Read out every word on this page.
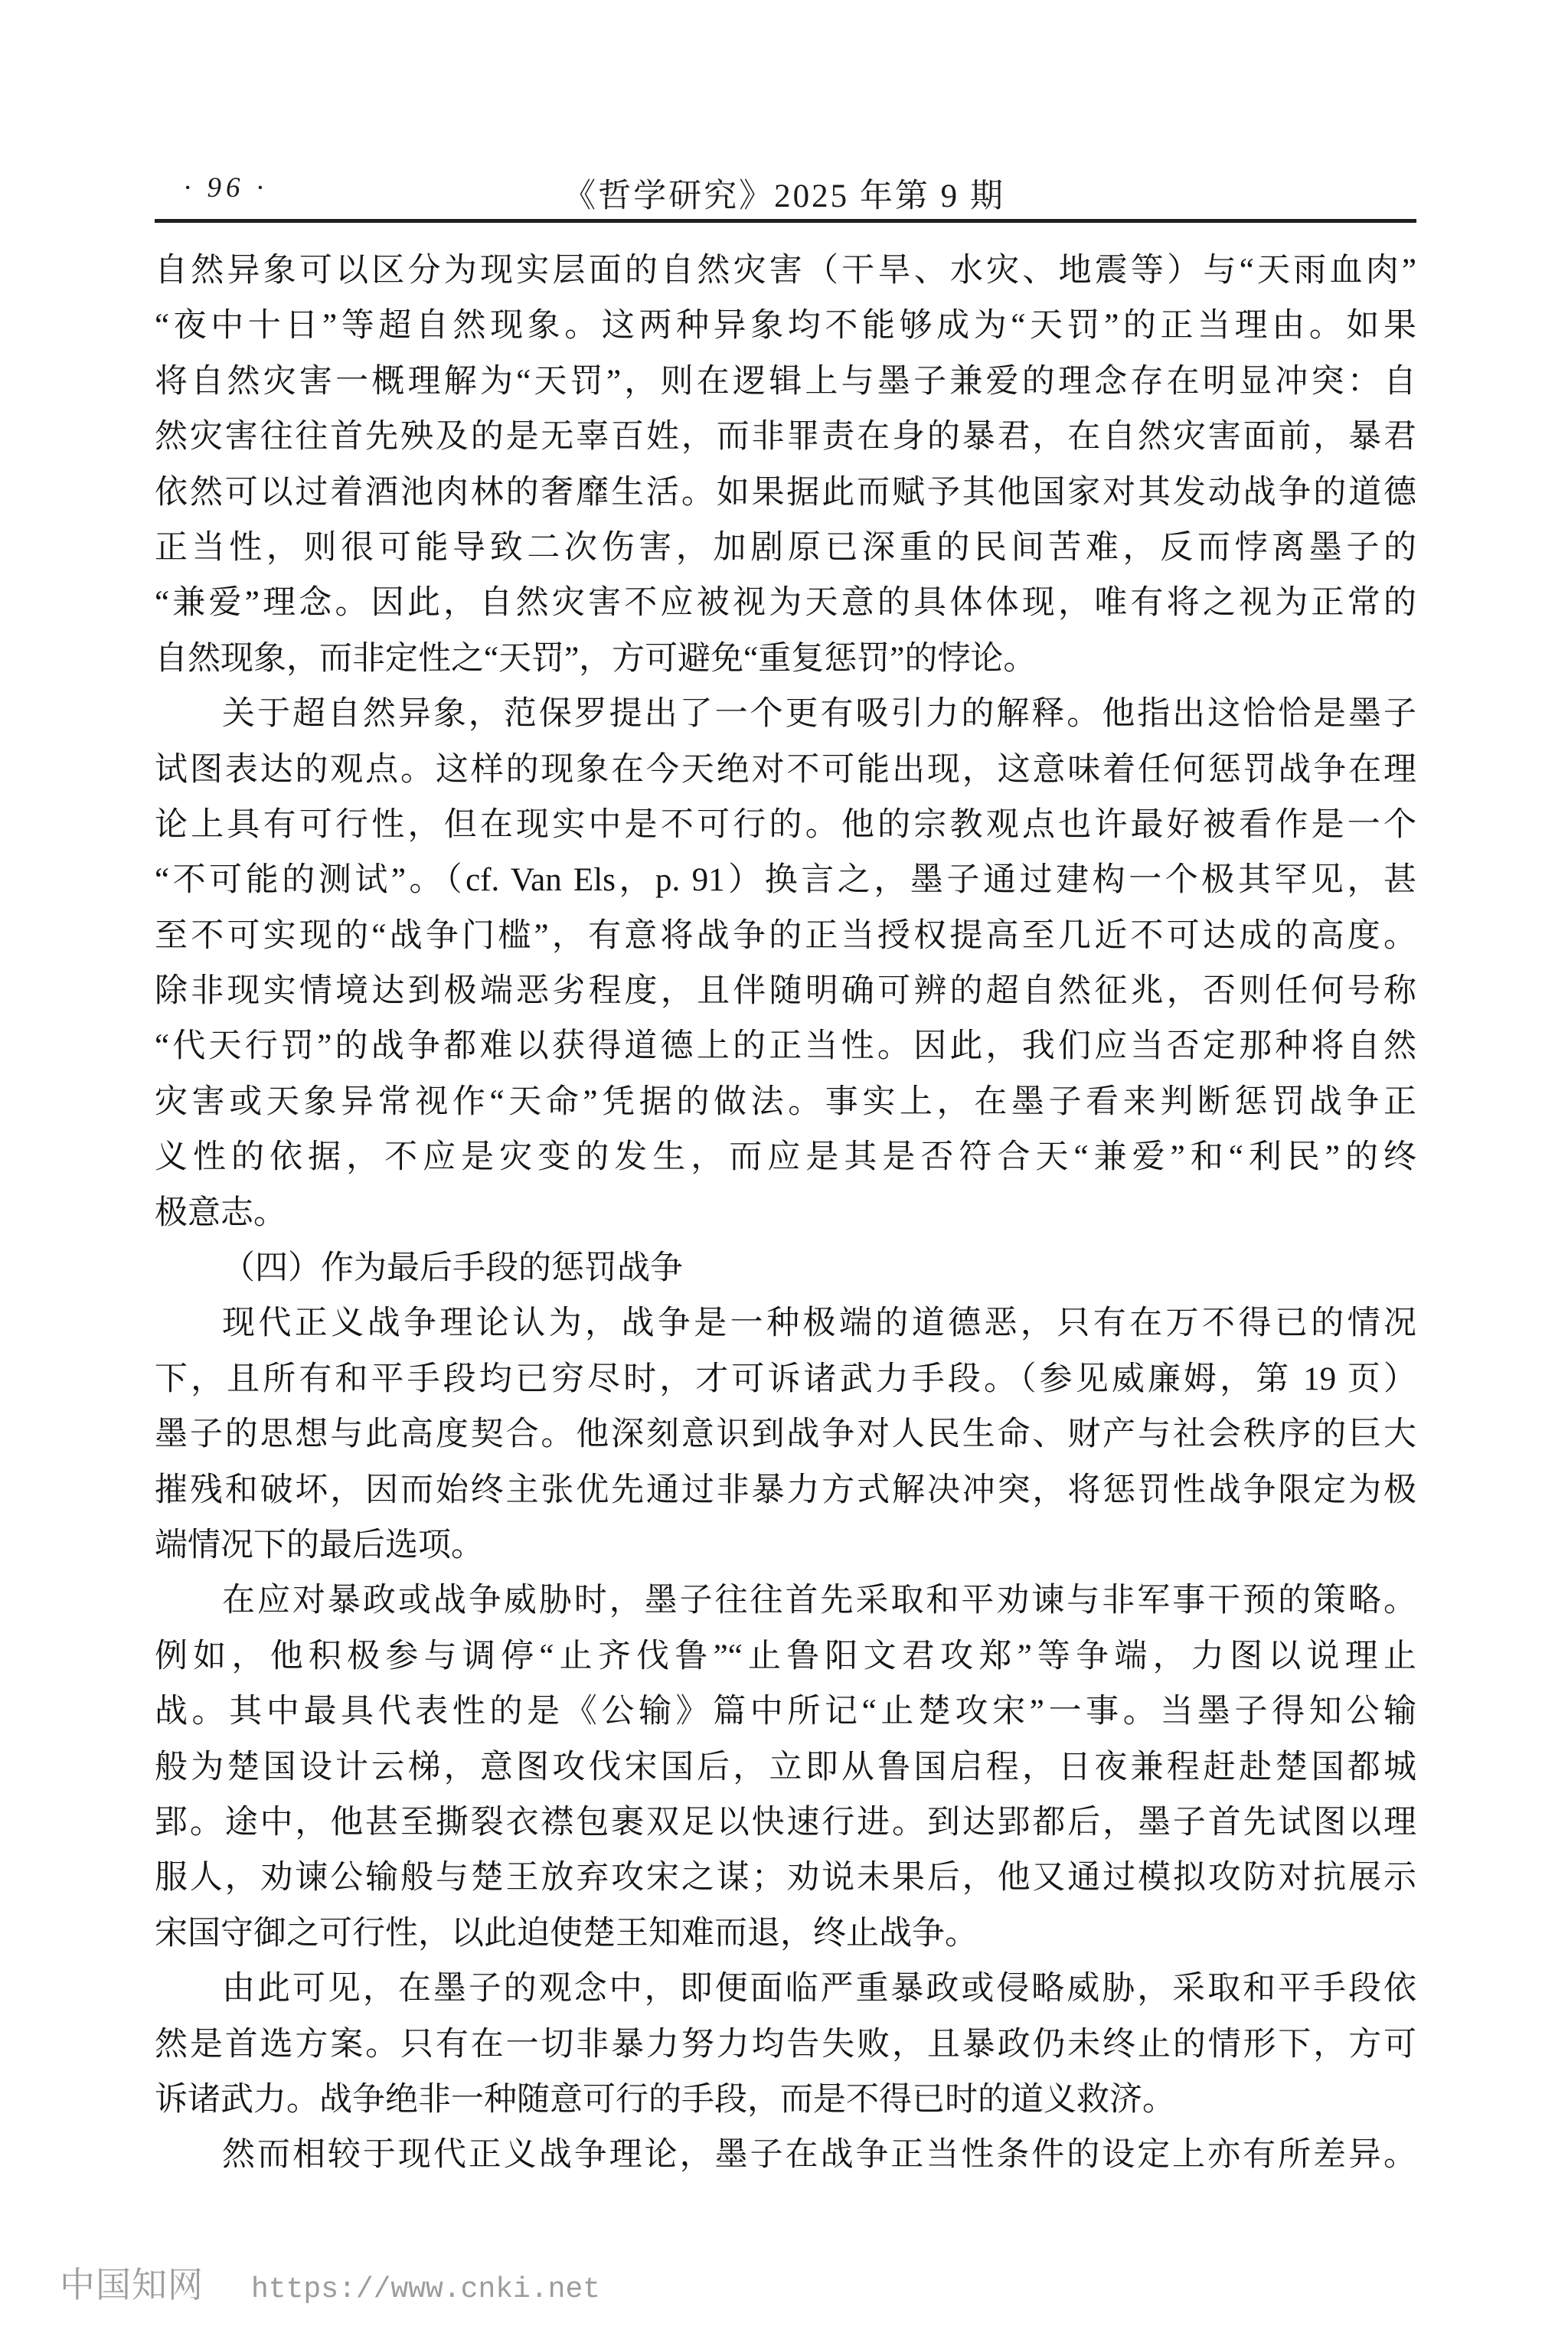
· 96 ·	《哲学研究》2025 年第 9 期
自然异象可以区分为现实层面的自然灾害（干旱、水灾、地震等）与“天雨血肉”
“夜中十日”等超自然现象。这两种异象均不能够成为“天罚”的正当理由。如果
将自然灾害一概理解为“天罚”，则在逻辑上与墨子兼爱的理念存在明显冲突：自
然灾害往往首先殃及的是无辜百姓，而非罪责在身的暴君，在自然灾害面前，暴君
依然可以过着酒池肉林的奢靡生活。如果据此而赋予其他国家对其发动战争的道德
正当性，则很可能导致二次伤害，加剧原已深重的民间苦难，反而悖离墨子的
“兼爱”理念。因此，自然灾害不应被视为天意的具体体现，唯有将之视为正常的
自然现象，而非定性之“天罚”，方可避免“重复惩罚”的悖论。
关于超自然异象，范保罗提出了一个更有吸引力的解释。他指出这恰恰是墨子
试图表达的观点。这样的现象在今天绝对不可能出现，这意味着任何惩罚战争在理
论上具有可行性，但在现实中是不可行的。他的宗教观点也许最好被看作是一个
“不可能的测试”。（cf. Van Els，p. 91）换言之，墨子通过建构一个极其罕见，甚
至不可实现的“战争门槛”，有意将战争的正当授权提高至几近不可达成的高度。
除非现实情境达到极端恶劣程度，且伴随明确可辨的超自然征兆，否则任何号称
“代天行罚”的战争都难以获得道德上的正当性。因此，我们应当否定那种将自然
灾害或天象异常视作“天命”凭据的做法。事实上，在墨子看来判断惩罚战争正
义性的依据，不应是灾变的发生，而应是其是否符合天“兼爱”和“利民”的终
极意志。
（四）作为最后手段的惩罚战争
现代正义战争理论认为，战争是一种极端的道德恶，只有在万不得已的情况
下，且所有和平手段均已穷尽时，才可诉诸武力手段。（参见威廉姆，第 19 页）
墨子的思想与此高度契合。他深刻意识到战争对人民生命、财产与社会秩序的巨大
摧残和破坏，因而始终主张优先通过非暴力方式解决冲突，将惩罚性战争限定为极
端情况下的最后选项。
在应对暴政或战争威胁时，墨子往往首先采取和平劝谏与非军事干预的策略。
例如，他积极参与调停“止齐伐鲁”“止鲁阳文君攻郑”等争端，力图以说理止
战。其中最具代表性的是《公输》篇中所记“止楚攻宋”一事。当墨子得知公输
般为楚国设计云梯，意图攻伐宋国后，立即从鲁国启程，日夜兼程赶赴楚国都城
郢。途中，他甚至撕裂衣襟包裹双足以快速行进。到达郢都后，墨子首先试图以理
服人，劝谏公输般与楚王放弃攻宋之谋；劝说未果后，他又通过模拟攻防对抗展示
宋国守御之可行性，以此迫使楚王知难而退，终止战争。
由此可见，在墨子的观念中，即便面临严重暴政或侵略威胁，采取和平手段依
然是首选方案。只有在一切非暴力努力均告失败，且暴政仍未终止的情形下，方可
诉诸武力。战争绝非一种随意可行的手段，而是不得已时的道义救济。
然而相较于现代正义战争理论，墨子在战争正当性条件的设定上亦有所差异。
中国知网 https://www.cnki.net
